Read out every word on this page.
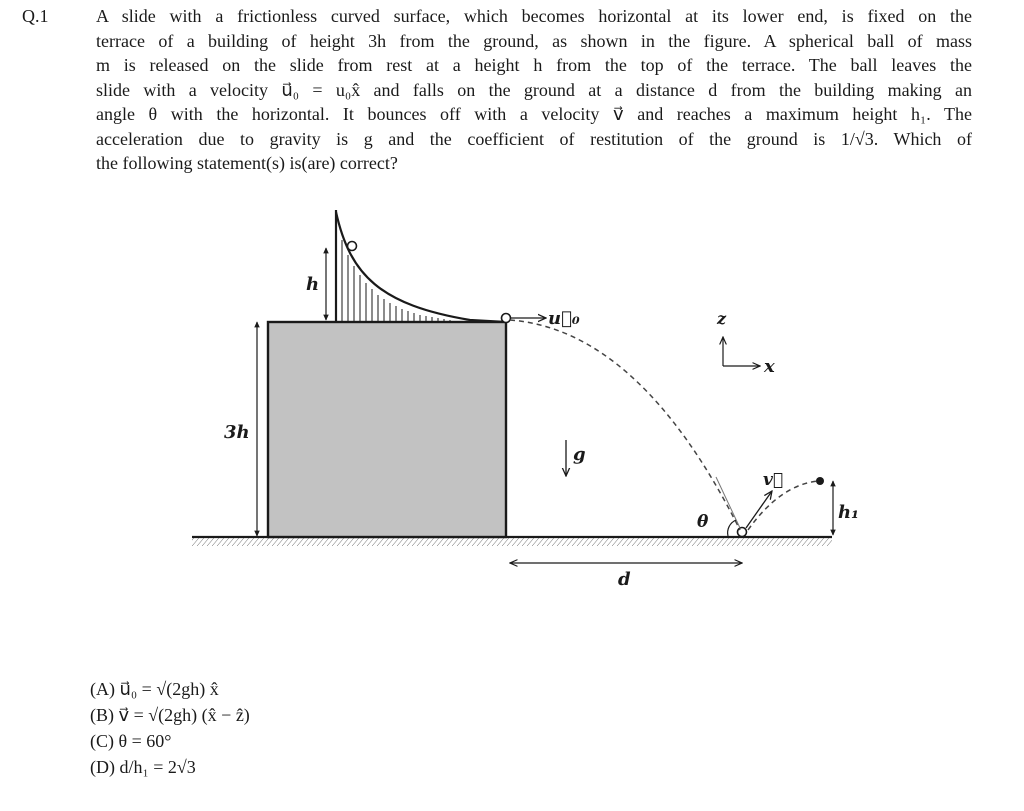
Q.1	A slide with a frictionless curved surface, which becomes horizontal at its lower end, is fixed on the
terrace of a building of height 3h from the ground, as shown in the figure. A spherical ball of mass
m is released on the slide from rest at a height h from the top of the terrace. The ball leaves the
slide with a velocity u⃗₀ = u₀x̂ and falls on the ground at a distance d from the building making an
angle θ with the horizontal. It bounces off with a velocity v⃗ and reaches a maximum height h₁. The
acceleration due to gravity is g and the coefficient of restitution of the ground is 1/√3. Which of
the following statement(s) is(are) correct?
h
3h
u⃗₀	z
x
g
θ
v⃗
h₁
d
(A) u⃗₀ = √(2gh) x̂
(B) v⃗ = √(2gh) (x̂ − ẑ)
(C) θ = 60°
(D) d/h₁ = 2√3
